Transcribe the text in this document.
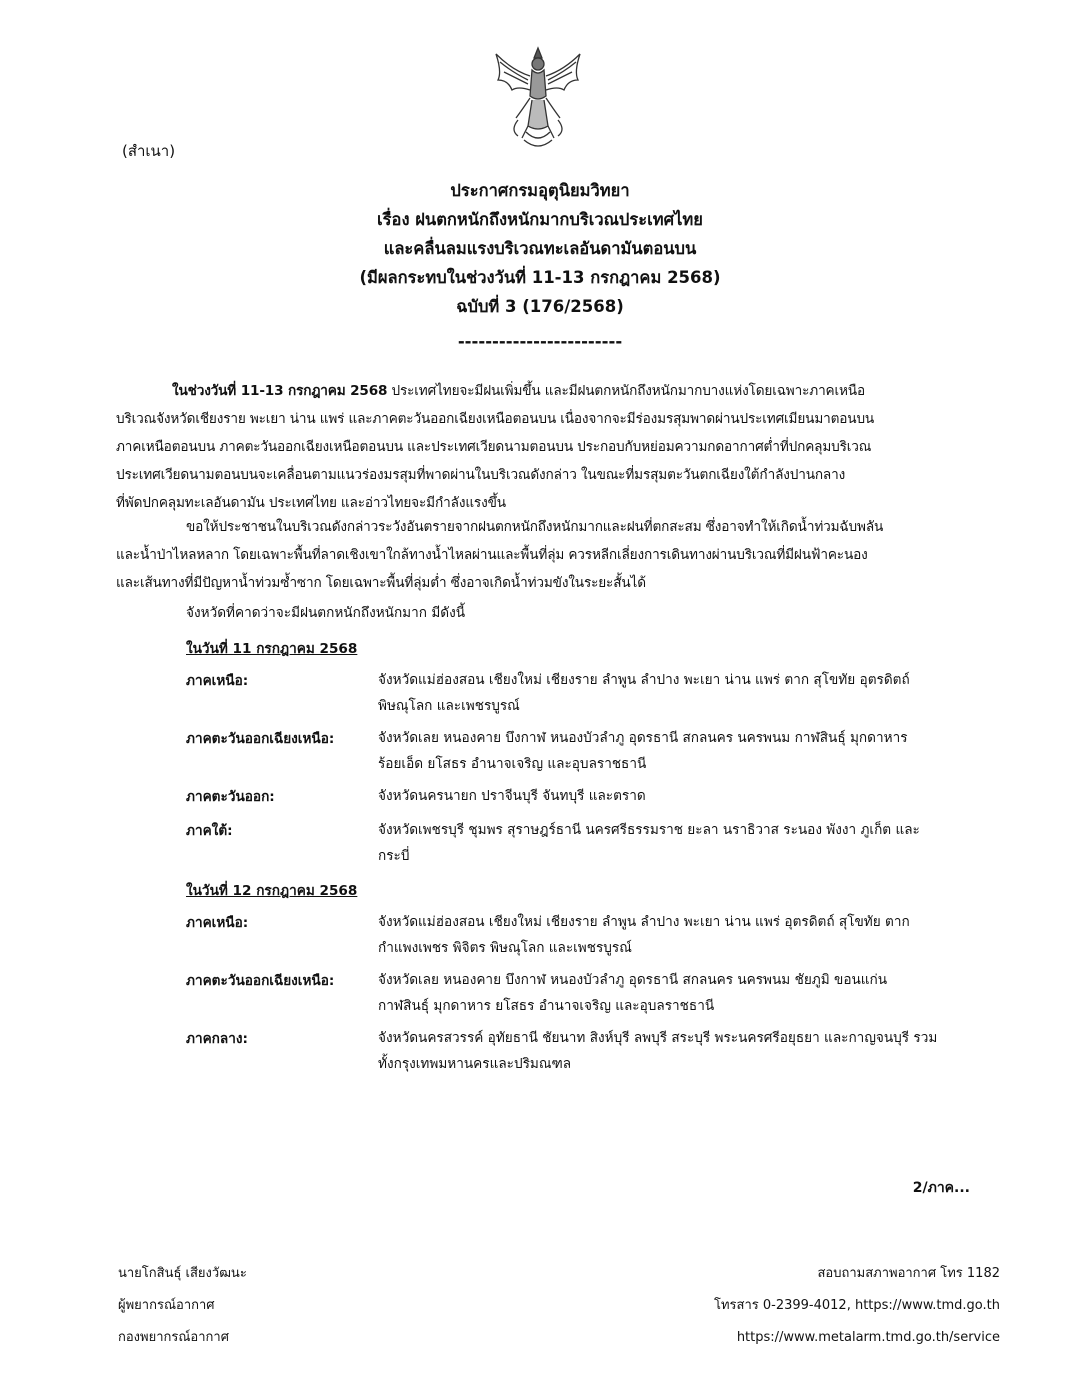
(สำเนา)
ประกาศกรมอุตุนิยมวิทยา
เรื่อง ฝนตกหนักถึงหนักมากบริเวณประเทศไทย
และคลื่นลมแรงบริเวณทะเลอันดามันตอนบน
(มีผลกระทบในช่วงวันที่ 11-13 กรกฎาคม 2568)
ฉบับที่ 3 (176/2568)
------------------------

ในช่วงวันที่ 11-13 กรกฎาคม 2568 ประเทศไทยจะมีฝนเพิ่มขึ้น และมีฝนตกหนักถึงหนักมากบางแห่งโดยเฉพาะภาคเหนือ

บริเวณจังหวัดเชียงราย พะเยา น่าน แพร่ และภาคตะวันออกเฉียงเหนือตอนบน เนื่องจากจะมีร่องมรสุมพาดผ่านประเทศเมียนมาตอนบน

ภาคเหนือตอนบน ภาคตะวันออกเฉียงเหนือตอนบน และประเทศเวียดนามตอนบน ประกอบกับหย่อมความกดอากาศต่ำที่ปกคลุมบริเวณ

ประเทศเวียดนามตอนบนจะเคลื่อนตามแนวร่องมรสุมที่พาดผ่านในบริเวณดังกล่าว ในขณะที่มรสุมตะวันตกเฉียงใต้กำลังปานกลาง

ที่พัดปกคลุมทะเลอันดามัน ประเทศไทย และอ่าวไทยจะมีกำลังแรงขึ้น

ขอให้ประชาชนในบริเวณดังกล่าวระวังอันตรายจากฝนตกหนักถึงหนักมากและฝนที่ตกสะสม ซึ่งอาจทำให้เกิดน้ำท่วมฉับพลัน

และน้ำป่าไหลหลาก โดยเฉพาะพื้นที่ลาดเชิงเขาใกล้ทางน้ำไหลผ่านและพื้นที่ลุ่ม ควรหลีกเลี่ยงการเดินทางผ่านบริเวณที่มีฝนฟ้าคะนอง

และเส้นทางที่มีปัญหาน้ำท่วมซ้ำซาก โดยเฉพาะพื้นที่ลุ่มต่ำ ซึ่งอาจเกิดน้ำท่วมขังในระยะสั้นได้

จังหวัดที่คาดว่าจะมีฝนตกหนักถึงหนักมาก มีดังนี้

ในวันที่ 11 กรกฎาคม 2568
ภาคเหนือ:	จังหวัดแม่ฮ่องสอน เชียงใหม่ เชียงราย ลำพูน ลำปาง พะเยา น่าน แพร่ ตาก สุโขทัย อุตรดิตถ์ พิษณุโลก และเพชรบูรณ์
ภาคตะวันออกเฉียงเหนือ:	จังหวัดเลย หนองคาย บึงกาฬ หนองบัวลำภู อุดรธานี สกลนคร นครพนม กาฬสินธุ์ มุกดาหาร ร้อยเอ็ด ยโสธร อำนาจเจริญ และอุบลราชธานี
ภาคตะวันออก:	จังหวัดนครนายก ปราจีนบุรี จันทบุรี และตราด
ภาคใต้:	จังหวัดเพชรบุรี ชุมพร สุราษฎร์ธานี นครศรีธรรมราช ยะลา นราธิวาส ระนอง พังงา ภูเก็ต และกระบี่
ในวันที่ 12 กรกฎาคม 2568
ภาคเหนือ:	จังหวัดแม่ฮ่องสอน เชียงใหม่ เชียงราย ลำพูน ลำปาง พะเยา น่าน แพร่ อุตรดิตถ์ สุโขทัย ตาก กำแพงเพชร พิจิตร พิษณุโลก และเพชรบูรณ์
ภาคตะวันออกเฉียงเหนือ:	จังหวัดเลย หนองคาย บึงกาฬ หนองบัวลำภู อุดรธานี สกลนคร นครพนม ชัยภูมิ ขอนแก่น กาฬสินธุ์ มุกดาหาร ยโสธร อำนาจเจริญ และอุบลราชธานี
ภาคกลาง:	จังหวัดนครสวรรค์ อุทัยธานี ชัยนาท สิงห์บุรี ลพบุรี สระบุรี พระนครศรีอยุธยา และกาญจนบุรี รวมทั้งกรุงเทพมหานครและปริมณฑล
2/ภาค...
นายโกสินธุ์ เสียงวัฒนะ
ผู้พยากรณ์อากาศ
กองพยากรณ์อากาศ
สอบถามสภาพอากาศ โทร 1182
โทรสาร 0-2399-4012, https://www.tmd.go.th
https://www.metalarm.tmd.go.th/service
